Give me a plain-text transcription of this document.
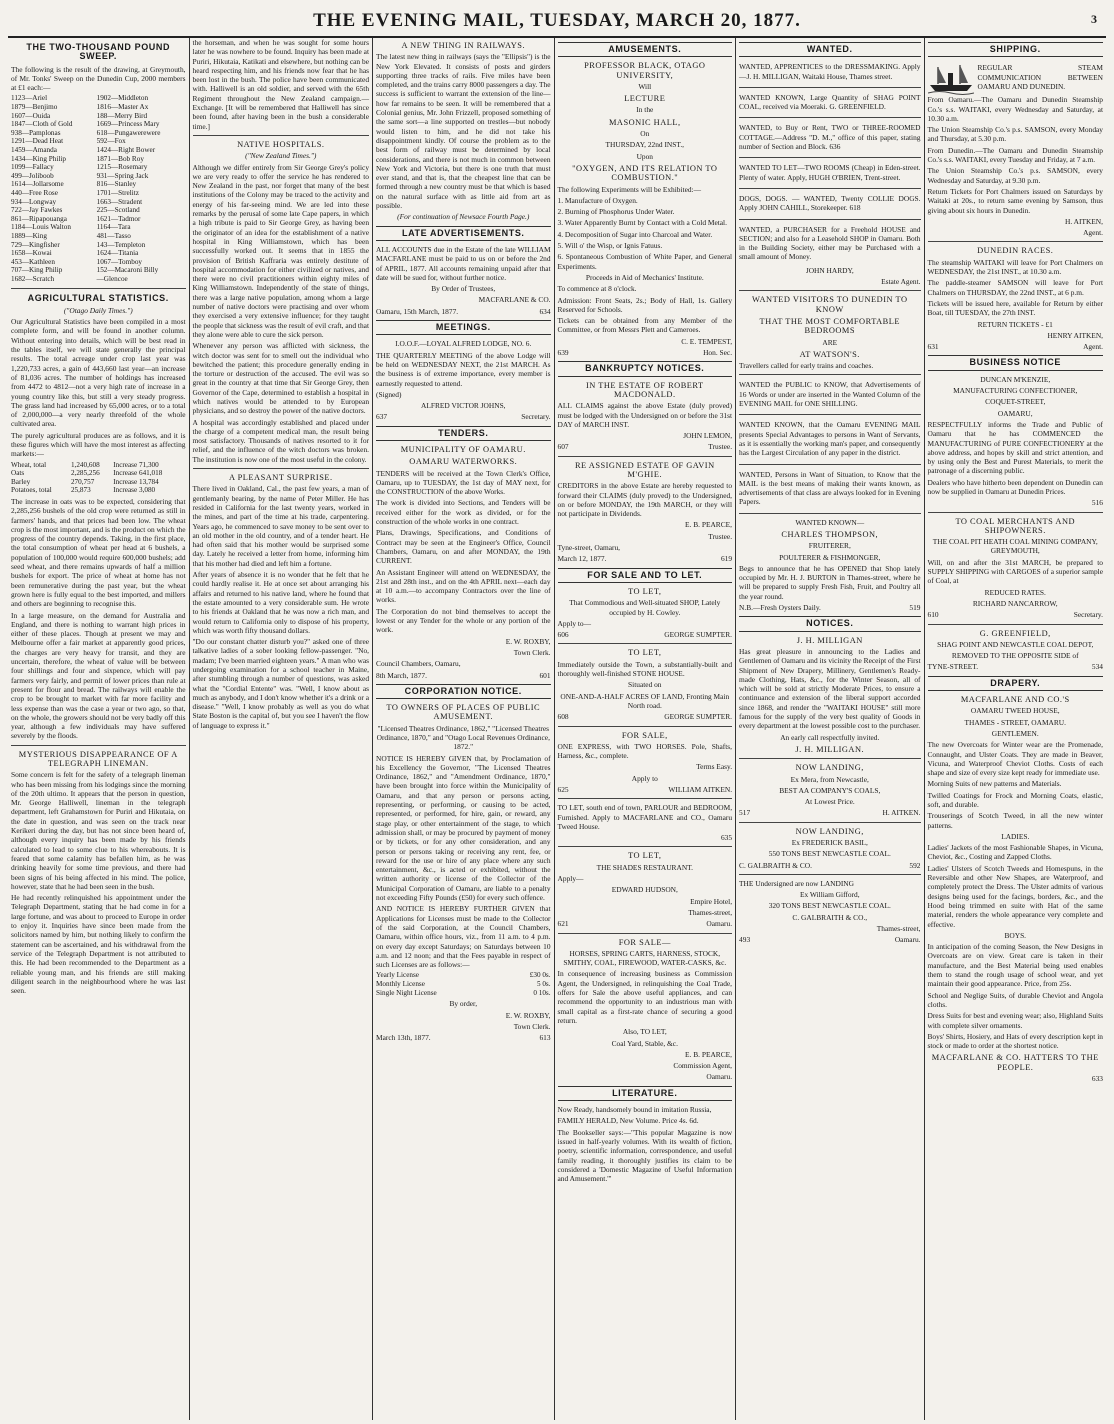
THE EVENING MAIL, TUESDAY, MARCH 20, 1877.	3
THE TWO-THOUSAND POUND SWEEP.

The following is the result of the drawing, at Greymouth, of Mr. Tonks' Sweep on the Dunedin Cup, 2000 members at £1 each:—

1123—Ariel	1902—Middleton
1879—Benjimo	1816—Master Ax
1607—Ouida	188—Merry Bird
1847—Cloth of Gold	1669—Princess Mary
938—Pamplonas	618—Pungawerewere
1291—Dead Heat	592—Fox
1459—Amanda	1424—Right Bower
1434—King Philip	1871—Bob Roy
1099—Fallacy	1215—Rosemary
499—Joliboob	931—Spring Jack
1614—Jollarsome	816—Stanley
440—Free Rose	1701—Strelitz
934—Longway	1663—Stradent
722—Jay Fawkes	225—Scotland
861—Ripapouanga	1621—Tadmor
1184—Louis Walton	1164—Tara
1889—King	481—Tasso
729—Kingfisher	143—Templeton
1658—Kowai	1624—Titania
453—Kathleen	1067—Tomboy
707—King Philip	152—Macaroni Billy
1682—Scratch	—Glencoe
AGRICULTURAL STATISTICS.

("Otago Daily Times.")

Our Agricultural Statistics have been compiled in a most complete form, and will be found in another column. Without entering into details, which will be best read in the tables itself, we will state generally the principal results. The total acreage under crop last year was 1,220,733 acres, a gain of 443,660 last year—an increase of 81,036 acres. The number of holdings has increased from 4472 to 4812—not a very high rate of increase in a young country like this, but still a very steady progress. The grass land had increased by 65,000 acres, or to a total of 2,000,000—a very nearly threefold of the whole cultivated area.

The purely agricultural produces are as follows, and it is these figures which will have the most interest as affecting markets:—

Wheat, total	1,240,608	Increase 71,300
Oats	2,285,256	Increase 641,018
Barley	270,757	Increase 13,784
Potatoes, total	25,873	Increase 3,080

The increase in oats was to be expected, considering that 2,285,256 bushels of the old crop were returned as still in farmers' hands, and that prices had been low. The wheat crop is the most important, and is the product on which the progress of the country depends. Taking, in the first place, the total consumption of wheat per head at 6 bushels, a population of 100,000 would require 600,000 bushels; add seed wheat, and there remains upwards of half a million bushels for export. The price of wheat at home has not been remunerative during the past year, but the wheat grown here is fully equal to the best imported, and millers and others are beginning to recognise this.

In a large measure, on the demand for Australia and England, and there is nothing to warrant high prices in either of these places. Though at present we may and Melbourne offer a fair market at apparently good prices, the charges are very heavy for transit, and they are uncertain, therefore, the wheat of value will be between four shillings and four and sixpence, which will pay farmers very fairly, and permit of lower prices than rule at present for flour and bread. The railways will enable the crop to be brought to market with far more facility and less expense than was the case a year or two ago, so that, on the whole, the growers should not be very badly off this year, although a few individuals may have suffered severely by the floods.

MYSTERIOUS DISAPPEARANCE OF A TELEGRAPH LINEMAN.

Some concern is felt for the safety of a telegraph lineman who has been missing from his lodgings since the morning of the 20th ultimo. It appears that the person in question, Mr. George Halliwell, lineman in the telegraph department, left Grahamstown for Puriri and Hikutaia, on the date in question, and was seen on the track near Kerikeri during the day, but has not since been heard of, although every inquiry has been made by his friends calculated to lead to some clue to his whereabouts. It is feared that some calamity has befallen him, as he was drinking heavily for some time previous, and there had been signs of his being affected in his mind. The police, however, state that he had been seen in the bush.

He had recently relinquished his appointment under the Telegraph Department, stating that he had come in for a large fortune, and was about to proceed to Europe in order to enjoy it. Inquiries have since been made from the solicitors named by him, but nothing likely to confirm the statement can be ascertained, and his withdrawal from the service of the Telegraph Department is not attributed to this. He had been recommended to the Department as a reliable young man, and his friends are still making diligent search in the neighbourhood where he was last seen.

the horseman, and when he was sought for some hours later he was nowhere to be found. Inquiry has been made at Puriri, Hikutaia, Katikati and elsewhere, but nothing can be heard respecting him, and his friends now fear that he has been lost in the bush. The police have been communicated with. Halliwell is an old soldier, and served with the 65th Regiment throughout the New Zealand campaign.—Exchange. [It will be remembered that Halliwell has since been found, after having been in the bush a considerable time.]

NATIVE HOSPITALS.

("New Zealand Times.")

Although we differ entirely from Sir George Grey's policy we are very ready to offer the service he has rendered to New Zealand in the past, nor forget that many of the best institutions of the Colony may be traced to the activity and energy of his far-seeing mind. We are led into these remarks by the perusal of some late Cape papers, in which a high tribute is paid to Sir George Grey, as having been the originator of an idea for the establishment of a native hospital in King Williamstown, which has been successfully worked out. It seems that in 1855 the provision of British Kaffraria was entirely destitute of hospital accommodation for either civilized or natives, and there were no civil practitioners within eighty miles of King Williamstown. Independently of the state of things, there was a large native population, among whom a large number of native doctors were practising and over whom they exercised a very extensive influence; for they taught the people that sickness was the result of evil craft, and that they alone were able to cure the sick person.

Whenever any person was afflicted with sickness, the witch doctor was sent for to smell out the individual who bewitched the patient; this procedure generally ending in the torture or destruction of the accused. The evil was so great in the country at that time that Sir George Grey, then Governor of the Cape, determined to establish a hospital in which natives would be attended to by European physicians, and so destroy the power of the native doctors.

A hospital was accordingly established and placed under the charge of a competent medical man, the result being most satisfactory. Thousands of natives resorted to it for relief, and the influence of the witch doctors was broken. The institution is now one of the most useful in the colony.

A PLEASANT SURPRISE.

There lived in Oakland, Cal., the past few years, a man of gentlemanly bearing, by the name of Peter Miller. He has resided in California for the last twenty years, worked in the mines, and part of the time at his trade, carpentering. Years ago, he commenced to save money to be sent over to an old mother in the old country, and of a tender heart. He had often said that his mother would be surprised some day. Lately he received a letter from home, informing him that his mother had died and left him a fortune.

After years of absence it is no wonder that he felt that he could hardly realise it. He at once set about arranging his affairs and returned to his native land, where he found that the estate amounted to a very considerable sum. He wrote to his friends at Oakland that he was now a rich man, and would return to California only to dispose of his property, which was worth fifty thousand dollars.

"Do our constant chatter disturb you?" asked one of three talkative ladies of a sober looking fellow-passenger. "No, madam; I've been married eighteen years." A man who was undergoing examination for a school teacher in Maine, after stumbling through a number of questions, was asked what the "Cordial Entente" was. "Well, I know about as much as anybody, and I don't know whether it's a drink or a disease." "Well, I know probably as well as you do what State Boston is the capital of, but you see I haven't the flow of language to express it."

A NEW THING IN RAILWAYS.

The latest new thing in railways (says the "Ellipsis") is the New York Elevated. It consists of posts and girders supporting three tracks of rails. Five miles have been completed, and the trains carry 8000 passengers a day. The success is sufficient to warrant the extension of the line—how far remains to be seen. It will be remembered that a Colonial genius, Mr. John Frizzell, proposed something of the same sort—a line supported on trestles—but nobody would listen to him, and he did not take his disappointment kindly. Of course the problem as to the best form of railway must be determined by local considerations, and there is not much in common between New York and Victoria, but there is one truth that must ever stand, and that is, that the cheapest line that can be formed through a new country must be that which is based on the natural surface with as little aid from art as possible.

(For continuation of Newsace Fourth Page.)

LATE ADVERTISEMENTS.

ALL ACCOUNTS due in the Estate of the late WILLIAM MACFARLANE must be paid to us on or before the 2nd of APRIL, 1877. All accounts remaining unpaid after that date will be sued for, without further notice.

By Order of Trustees,

MACFARLANE & CO.

Oamaru, 15th March, 1877.	634
MEETINGS.

I.O.O.F.—LOYAL ALFRED LODGE, NO. 6.

THE QUARTERLY MEETING of the above Lodge will be held on WEDNESDAY NEXT, the 21st MARCH. As the business is of extreme importance, every member is earnestly requested to attend.

(Signed)

ALFRED VICTOR JOHNS,

637	Secretary.
TENDERS.
MUNICIPALITY OF OAMARU.
OAMARU WATERWORKS.

TENDERS will be received at the Town Clerk's Office, Oamaru, up to TUESDAY, the 1st day of MAY next, for the CONSTRUCTION of the above Works.

The work is divided into Sections, and Tenders will be received either for the work as divided, or for the construction of the whole works in one contract.

Plans, Drawings, Specifications, and Conditions of Contract may be seen at the Engineer's Office, Council Chambers, Oamaru, on and after MONDAY, the 19th CURRENT.

An Assistant Engineer will attend on WEDNESDAY, the 21st and 28th inst., and on the 4th APRIL next—each day at 10 a.m.—to accompany Contractors over the line of works.

The Corporation do not bind themselves to accept the lowest or any Tender for the whole or any portion of the work.

E. W. ROXBY,

Town Clerk.

Council Chambers, Oamaru,

8th March, 1877.	601
CORPORATION NOTICE.
TO OWNERS OF PLACES OF PUBLIC AMUSEMENT.

"Licensed Theatres Ordinance, 1862," "Licensed Theatres Ordinance, 1870," and "Otago Local Revenues Ordinance, 1872."

NOTICE IS HEREBY GIVEN that, by Proclamation of his Excellency the Governor, "The Licensed Theatres Ordinance, 1862," and "Amendment Ordinance, 1870," have been brought into force within the Municipality of Oamaru, and that any person or persons acting, representing, or performing, or causing to be acted, represented, or performed, for hire, gain, or reward, any stage play, or other entertainment of the stage, to which admission shall, or may be procured by payment of money or by tickets, or for any other consideration, and any person or persons taking or receiving any rent, fee, or reward for the use or hire of any place where any such entertainment, &c., is acted or exhibited, without the written authority or license of the Collector of the Municipal Corporation of Oamaru, are liable to a penalty not exceeding Fifty Pounds (£50) for every such offence.

AND NOTICE IS HEREBY FURTHER GIVEN that Applications for Licenses must be made to the Collector of the said Corporation, at the Council Chambers, Oamaru, within office hours, viz., from 11 a.m. to 4 p.m. on every day except Saturdays; on Saturdays between 10 a.m. and 12 noon; and that the Fees payable in respect of such Licenses are as follows:—

Yearly License	£30 0s.
Monthly License	5 0s.
Single Night License	0 10s.

By order,

E. W. ROXBY,

Town Clerk.

March 13th, 1877.	613
AMUSEMENTS.
PROFESSOR BLACK, OTAGO UNIVERSITY,

Will

LECTURE

In the

MASONIC HALL,

On

THURSDAY, 22nd INST.,

Upon

"OXYGEN, AND ITS RELATION TO COMBUSTION."

The following Experiments will be Exhibited:—

1. Manufacture of Oxygen.

2. Burning of Phosphorus Under Water.

3. Water Apparently Burnt by Contact with a Cold Metal.

4. Decomposition of Sugar into Charcoal and Water.

5. Will o' the Wisp, or Ignis Fatuus.

6. Spontaneous Combustion of White Paper, and General Experiments.

Proceeds in Aid of Mechanics' Institute.

To commence at 8 o'clock.

Admission: Front Seats, 2s.; Body of Hall, 1s. Gallery Reserved for Schools.

Tickets can be obtained from any Member of the Committee, or from Messrs Plett and Cameroes.

C. E. TEMPEST,

639	Hon. Sec.
BANKRUPTCY NOTICES.
IN THE ESTATE OF ROBERT MACDONALD.

ALL CLAIMS against the above Estate (duly proved) must be lodged with the Undersigned on or before the 31st DAY of MARCH INST.

JOHN LEMON,

607	Trustee.
RE ASSIGNED ESTATE OF GAVIN M'GHIE.

CREDITORS in the above Estate are hereby requested to forward their CLAIMS (duly proved) to the Undersigned, on or before MONDAY, the 19th MARCH, or they will not participate in Dividends.

E. B. PEARCE,

Trustee.

Tyne-street, Oamaru,

March 12, 1877.	619
FOR SALE AND TO LET.
TO LET,

That Commodious and Well-situated SHOP, Lately occupied by H. Cowley.

Apply to—

606	GEORGE SUMPTER.
TO LET,

Immediately outside the Town, a substantially-built and thoroughly well-finished STONE HOUSE.

Situated on

ONE-AND-A-HALF ACRES OF LAND, Fronting Main North road.

608	GEORGE SUMPTER.
FOR SALE,

ONE EXPRESS, with TWO HORSES. Pole, Shafts, Harness, &c., complete.

Terms Easy.

Apply to

625	WILLIAM AITKEN.

TO LET, south end of town, PARLOUR and BEDROOM, Furnished. Apply to MACFARLANE and CO., Oamaru Tweed House.

635

TO LET,

THE SHADES RESTAURANT.

Apply—

EDWARD HUDSON,

Empire Hotel,

Thames-street,

621	Oamaru.
FOR SALE—

HORSES, SPRING CARTS, HARNESS, STOCK, SMITHY, COAL, FIREWOOD, WATER-CASKS, &c.

In consequence of increasing business as Commission Agent, the Undersigned, in relinquishing the Coal Trade, offers for Sale the above useful appliances, and can recommend the opportunity to an industrious man with small capital as a first-rate chance of securing a good return.

Also, TO LET,

Coal Yard, Stable, &c.

E. B. PEARCE,

Commission Agent,

Oamaru.

LITERATURE.

Now Ready, handsomely bound in imitation Russia,

FAMILY HERALD, New Volume. Price 4s. 6d.

The Bookseller says:—"This popular Magazine is now issued in half-yearly volumes. With its wealth of fiction, poetry, scientific information, correspondence, and useful family reading, it thoroughly justifies its claim to be considered a 'Domestic Magazine of Useful Information and Amusement.'"

WANTED.

WANTED, APPRENTICES to the DRESSMAKING. Apply—J. H. MILLIGAN, Waitaki House, Thames street.

WANTED KNOWN, Large Quantity of SHAG POINT COAL, received via Moeraki. G. GREENFIELD.

WANTED, to Buy or Rent, TWO or THREE-ROOMED COTTAGE.—Address "D. M.," office of this paper, stating number of Section and Block. 636

WANTED TO LET—TWO ROOMS (Cheap) in Eden-street. Plenty of water. Apply, HUGH O'BRIEN, Trent-street.

DOGS, DOGS. — WANTED, Twenty COLLIE DOGS. Apply JOHN CAHILL, Storekeeper. 618

WANTED, a PURCHASER for a Freehold HOUSE and SECTION; and also for a Leasehold SHOP in Oamaru. Both in the Building Society, either may be Purchased with a small amount of Money.

JOHN HARDY,

Estate Agent.

WANTED VISITORS TO DUNEDIN TO KNOW
THAT THE MOST COMFORTABLE BEDROOMS

ARE

AT WATSON'S.

Travellers called for early trains and coaches.

WANTED the PUBLIC to KNOW, that Advertisements of 16 Words or under are inserted in the Wanted Column of the EVENING MAIL for ONE SHILLING.

WANTED KNOWN, that the Oamaru EVENING MAIL presents Special Advantages to persons in Want of Servants, as it is essentially the working man's paper, and consequently has the Largest Circulation of any paper in the district.

WANTED, Persons in Want of Situation, to Know that the MAIL is the best means of making their wants known, as advertisements of that class are always looked for in Evening Papers.

WANTED KNOWN—

CHARLES THOMPSON,

FRUITERER,

POULTERER & FISHMONGER,

Begs to announce that he has OPENED that Shop lately occupied by Mr. H. J. BURTON in Thames-street, where he will be prepared to supply Fresh Fish, Fruit, and Poultry all the year round.

N.B.—Fresh Oysters Daily.	519
NOTICES.
J. H. MILLIGAN

Has great pleasure in announcing to the Ladies and Gentlemen of Oamaru and its vicinity the Receipt of the First Shipment of New Drapery, Millinery, Gentlemen's Ready-made Clothing, Hats, &c., for the Winter Season, all of which will be sold at strictly Moderate Prices, to ensure a continuance and extension of the liberal support accorded since 1868, and render the "WAITAKI HOUSE" still more famous for the supply of the very best quality of Goods in every department at the lowest possible cost to the purchaser.

An early call respectfully invited.

J. H. MILLIGAN.
NOW LANDING,

Ex Mera, from Newcastle,

BEST AA COMPANY'S COALS,

At Lowest Price.

517	H. AITKEN.
NOW LANDING,

Ex FREDERICK BASIL,

550 TONS BEST NEWCASTLE COAL.

C. GALBRAITH & CO.	592

THE Undersigned are now LANDING

Ex William Gifford,

320 TONS BEST NEWCASTLE COAL.

C. GALBRAITH & CO.,

Thames-street,

493	Oamaru.
SHIPPING.

REGULAR STEAM COMMUNICATION BETWEEN OAMARU AND DUNEDIN.

From Oamaru.—The Oamaru and Dunedin Steamship Co.'s s.s. WAITAKI, every Wednesday and Saturday, at 10.30 a.m.

The Union Steamship Co.'s p.s. SAMSON, every Monday and Thursday, at 5.30 p.m.

From Dunedin.—The Oamaru and Dunedin Steamship Co.'s s.s. WAITAKI, every Tuesday and Friday, at 7 a.m.

The Union Steamship Co.'s p.s. SAMSON, every Wednesday and Saturday, at 9.30 p.m.

Return Tickets for Port Chalmers issued on Saturdays by Waitaki at 20s., to return same evening by Samson, thus giving about six hours in Dunedin.

H. AITKEN,

Agent.

DUNEDIN RACES.

The steamship WAITAKI will leave for Port Chalmers on WEDNESDAY, the 21st INST., at 10.30 a.m.

The paddle-steamer SAMSON will leave for Port Chalmers on THURSDAY, the 22nd INST., at 6 p.m.

Tickets will be issued here, available for Return by either Boat, till TUESDAY, the 27th INST.

RETURN TICKETS - £1

HENRY AITKEN,

631	Agent.
BUSINESS NOTICE

DUNCAN M'KENZIE,

MANUFACTURING CONFECTIONER,

COQUET-STREET,

OAMARU,

RESPECTFULLY informs the Trade and Public of Oamaru that he has COMMENCED the MANUFACTURING of PURE CONFECTIONERY at the above address, and hopes by skill and strict attention, and by using only the Best and Purest Materials, to merit the patronage of a discerning public.

Dealers who have hitherto been dependent on Dunedin can now be supplied in Oamaru at Dunedin Prices.

516

TO COAL MERCHANTS AND SHIPOWNERS.

THE COAL PIT HEATH COAL MINING COMPANY, GREYMOUTH,

Will, on and after the 31st MARCH, be prepared to SUPPLY SHIPPING with CARGOES of a superior sample of Coal, at

REDUCED RATES.

RICHARD NANCARROW,

610	Secretary.
G. GREENFIELD,

SHAG POINT AND NEWCASTLE COAL DEPOT,

REMOVED TO THE OPPOSITE SIDE of

TYNE-STREET.	534
DRAPERY.
MACFARLANE AND CO.'S

OAMARU TWEED HOUSE,

THAMES - STREET, OAMARU.

GENTLEMEN.

The new Overcoats for Winter wear are the Promenade, Connaught, and Ulster Coats. They are made in Beaver, Vicuna, and Waterproof Cheviot Cloths. Costs of each shape and size of every size kept ready for immediate use.

Morning Suits of new patterns and Materials.

Twilled Coatings for Frock and Morning Coats, elastic, soft, and durable.

Trouserings of Scotch Tweed, in all the new winter patterns.

LADIES.

Ladies' Jackets of the most Fashionable Shapes, in Vicuna, Cheviot, &c., Costing and Zapped Cloths.

Ladies' Ulsters of Scotch Tweeds and Homespuns, in the Reversible and other New Shapes, are Waterproof, and completely protect the Dress. The Ulster admits of various designs being used for the facings, borders, &c., and the Hood being trimmed en suite with Hat of the same material, renders the whole appearance very complete and effective.

BOYS.

In anticipation of the coming Season, the New Designs in Overcoats are on view. Great care is taken in their manufacture, and the Best Material being used enables them to stand the rough usage of school wear, and yet maintain their good appearance. Price, from 25s.

School and Neglige Suits, of durable Cheviot and Angola cloths.

Dress Suits for best and evening wear; also, Highland Suits with complete silver ornaments.

Boys' Shirts, Hosiery, and Hats of every description kept in stock or made to order at the shortest notice.

MACFARLANE & CO. HATTERS TO THE PEOPLE.

633
